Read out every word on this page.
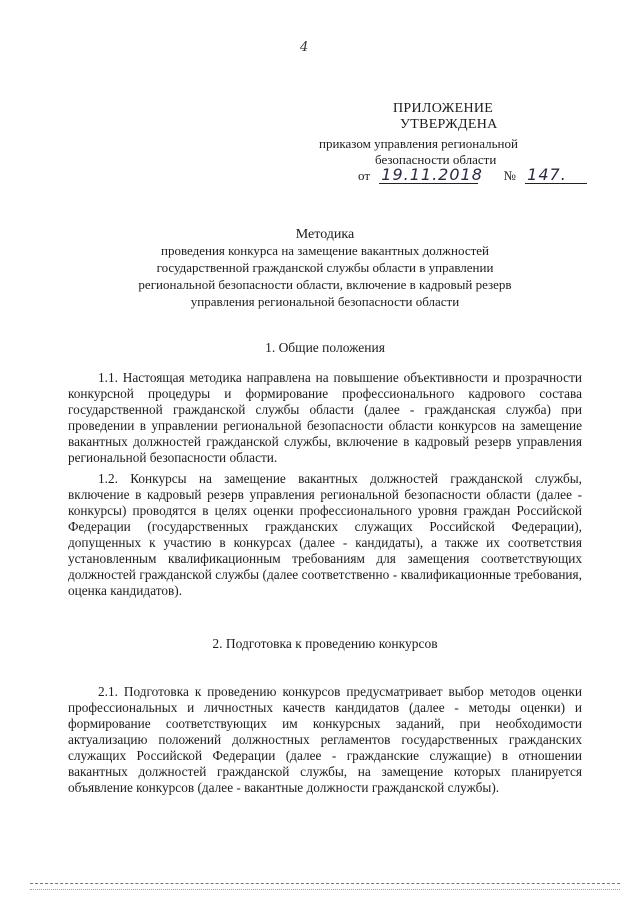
4
ПРИЛОЖЕНИЕ
УТВЕРЖДЕНА
приказом управления региональной
безопасности области
от 19.11.2018 № 147.
Методика
проведения конкурса на замещение вакантных должностей
государственной гражданской службы области в управлении
региональной безопасности области, включение в кадровый резерв
управления региональной безопасности области
1. Общие положения

1.1. Настоящая методика направлена на повышение объективности и прозрачности конкурсной процедуры и формирование профессионального кадрового состава государственной гражданской службы области (далее - гражданская служба) при проведении в управлении региональной безопасности области конкурсов на замещение вакантных должностей гражданской службы, включение в кадровый резерв управления региональной безопасности области.

1.2. Конкурсы на замещение вакантных должностей гражданской службы, включение в кадровый резерв управления региональной безопасности области (далее - конкурсы) проводятся в целях оценки профессионального уровня граждан Российской Федерации (государственных гражданских служащих Российской Федерации), допущенных к участию в конкурсах (далее - кандидаты), а также их соответствия установленным квалификационным требованиям для замещения соответствующих должностей гражданской службы (далее соответственно - квалификационные требования, оценка кандидатов).

2. Подготовка к проведению конкурсов

2.1. Подготовка к проведению конкурсов предусматривает выбор методов оценки профессиональных и личностных качеств кандидатов (далее - методы оценки) и формирование соответствующих им конкурсных заданий, при необходимости актуализацию положений должностных регламентов государственных гражданских служащих Российской Федерации (далее - гражданские служащие) в отношении вакантных должностей гражданской службы, на замещение которых планируется объявление конкурсов (далее - вакантные должности гражданской службы).
